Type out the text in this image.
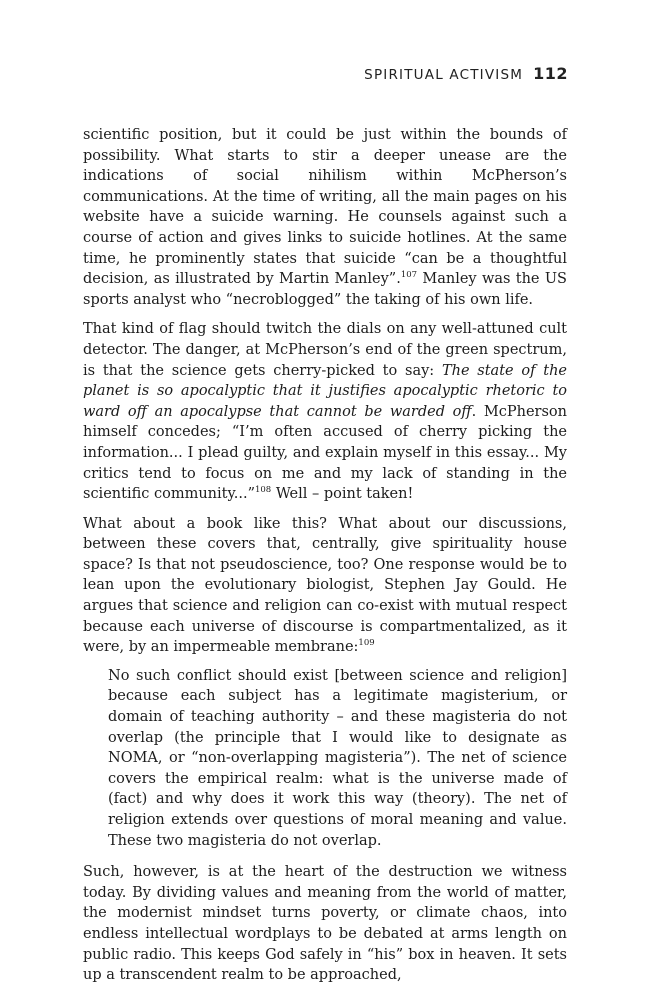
SPIRITUAL ACTIVISM 112

scientific position, but it could be just within the bounds of possibility. What starts to stir a deeper unease are the indications of social nihilism within McPherson’s communications. At the time of writing, all the main pages on his website have a suicide warning. He counsels against such a course of action and gives links to suicide hotlines. At the same time, he prominently states that suicide “can be a thoughtful decision, as illustrated by Martin Manley”.$^{107}$ Manley was the US sports analyst who “necroblogged” the taking of his own life.

That kind of flag should twitch the dials on any well-attuned cult detector. The danger, at McPherson’s end of the green spectrum, is that the science gets cherry-picked to say: The state of the planet is so apocalyptic that it justifies apocalyptic rhetoric to ward off an apocalypse that cannot be warded off. McPherson himself concedes; “I’m often accused of cherry picking the information... I plead guilty, and explain myself in this essay... My critics tend to focus on me and my lack of standing in the scientific community...”$^{108}$ Well – point taken!

What about a book like this? What about our discussions, between these covers that, centrally, give spirituality house space? Is that not pseudoscience, too? One response would be to lean upon the evolutionary biologist, Stephen Jay Gould. He argues that science and religion can co-exist with mutual respect because each universe of discourse is compartmentalized, as it were, by an impermeable membrane:$^{109}$

No such conflict should exist [between science and religion] because each subject has a legitimate magisterium, or domain of teaching authority – and these magisteria do not overlap (the principle that I would like to designate as NOMA, or “non-overlapping magisteria”). The net of science covers the empirical realm: what is the universe made of (fact) and why does it work this way (theory). The net of religion extends over questions of moral meaning and value. These two magisteria do not overlap.

Such, however, is at the heart of the destruction we witness today. By dividing values and meaning from the world of matter, the modernist mindset turns poverty, or climate chaos, into endless intellectual wordplays to be debated at arms length on public radio. This keeps God safely in “his” box in heaven. It sets up a transcendent realm to be approached,
